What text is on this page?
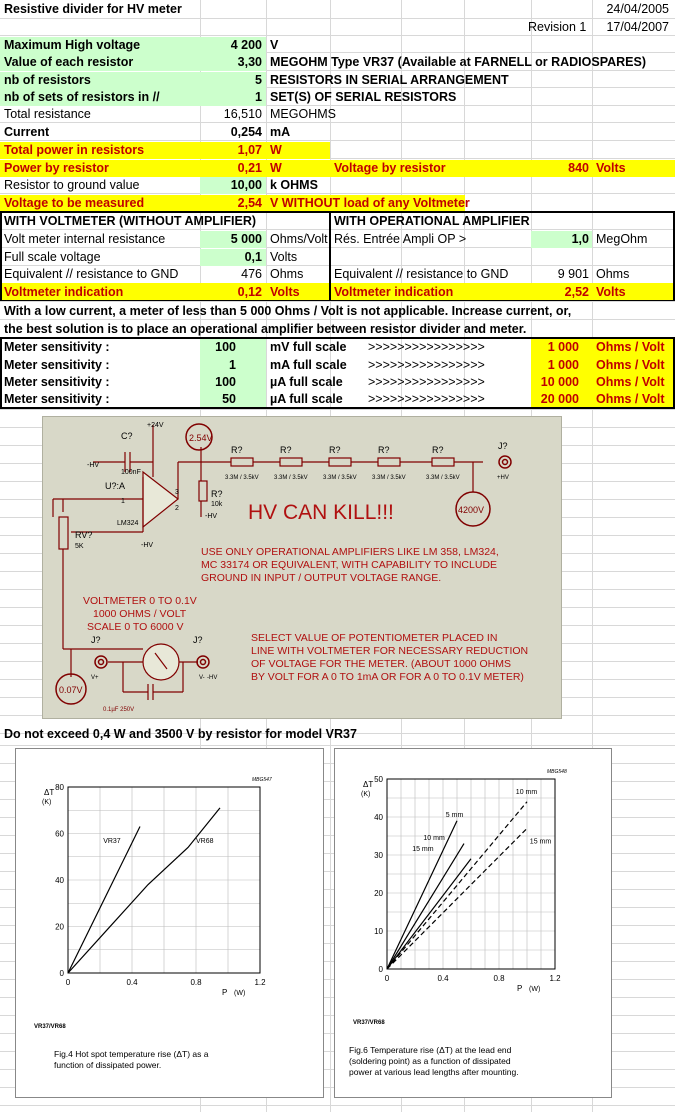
Resistive divider for HV meter	24/04/2005
Revision 1 17/04/2007
Maximum High voltage	4 200 V
Value of each resistor	3,30 MEGOHM Type VR37 (Available at FARNELL or RADIOSPARES)
nb of resistors	5 RESISTORS IN SERIAL ARRANGEMENT
nb of sets of resistors in //	1 SET(S) OF SERIAL RESISTORS
Total resistance	16,510 MEGOHMS
Current	0,254 mA
Total power in resistors	1,07 W
Power by resistor	0,21 W	Voltage by resistor	840 Volts
Resistor to ground value	10,00 k OHMS
Voltage to be measured	2,54 V WITHOUT load of any Voltmeter
WITH VOLTMETER (WITHOUT AMPLIFIER)	WITH OPERATIONAL AMPLIFIER
Volt meter internal resistance	5 000 Ohms/Volt Rés. Entrée Ampli OP >	1,0 MegOhm
Full scale voltage	0,1 Volts
Equivalent // resistance to GND	476 Ohms Equivalent // resistance to GND	9 901 Ohms
Voltmeter indication	0,12 Volts	Voltmeter indication	2,52 Volts
With a low current, a meter of less than 5 000 Ohms / Volt is not applicable. Increase current, or,
the best solution is to place an operational amplifier between resistor divider and meter.
Meter sensitivity :	100	mV full scale >>>>>>>>>>>>>>>>	1 000 Ohms / Volt
Meter sensitivity :	1	mA full scale >>>>>>>>>>>>>>>>	1 000 Ohms / Volt
Meter sensitivity :	100	µA full scale >>>>>>>>>>>>>>>>	10 000 Ohms / Volt
Meter sensitivity :	50	µA full scale >>>>>>>>>>>>>>>>	20 000 Ohms / Volt
C?
100nF
+24V
-HV
U?:A
LM324
2.54V
R?	R?	R?	R?	R?
3.3M / 3.5kV	3.3M / 3.5kV	3.3M / 3.5kV	3.3M / 3.5kV	3.3M / 3.5kV
J?
+HV
4200V
R?
10k
-HV
RV?
5K
3
2
1
-HV
HV CAN KILL!!!
USE ONLY OPERATIONAL AMPLIFIERS LIKE LM 358, LM324,
MC 33174 OR EQUIVALENT, WITH CAPABILITY TO INCLUDE
GROUND IN INPUT / OUTPUT VOLTAGE RANGE.
VOLTMETER 0 TO 0.1V
1000 OHMS / VOLT
SCALE 0 TO 6000 V
SELECT VALUE OF POTENTIOMETER PLACED IN
LINE WITH VOLTMETER FOR NECESSARY REDUCTION
OF VOLTAGE FOR THE METER. (ABOUT 1000 OHMS
BY VOLT FOR A 0 TO 1mA OR FOR A 0 TO 0.1V METER)
J?	J?
V+	V- -HV
0.1µF 250V
0.07V
Do not exceed 0,4 W and 3500 V by resistor for model VR37
0	0.4	0.8	1.2
0
20
40
60
80
ΔT
(K)
P (W)
MBG547
VR37	VR68
VR37/VR68
Fig.4 Hot spot temperature rise (ΔT) as a
function of dissipated power.
0	0.4	0.8	1.2
0
10
20
30
40
50
ΔT
(K)
P (W)
MBG548
5 mm
10 mm
15 mm
10 mm
15 mm
VR37/VR68
Fig.6 Temperature rise (ΔT) at the lead end
(soldering point) as a function of dissipated
power at various lead lengths after mounting.
